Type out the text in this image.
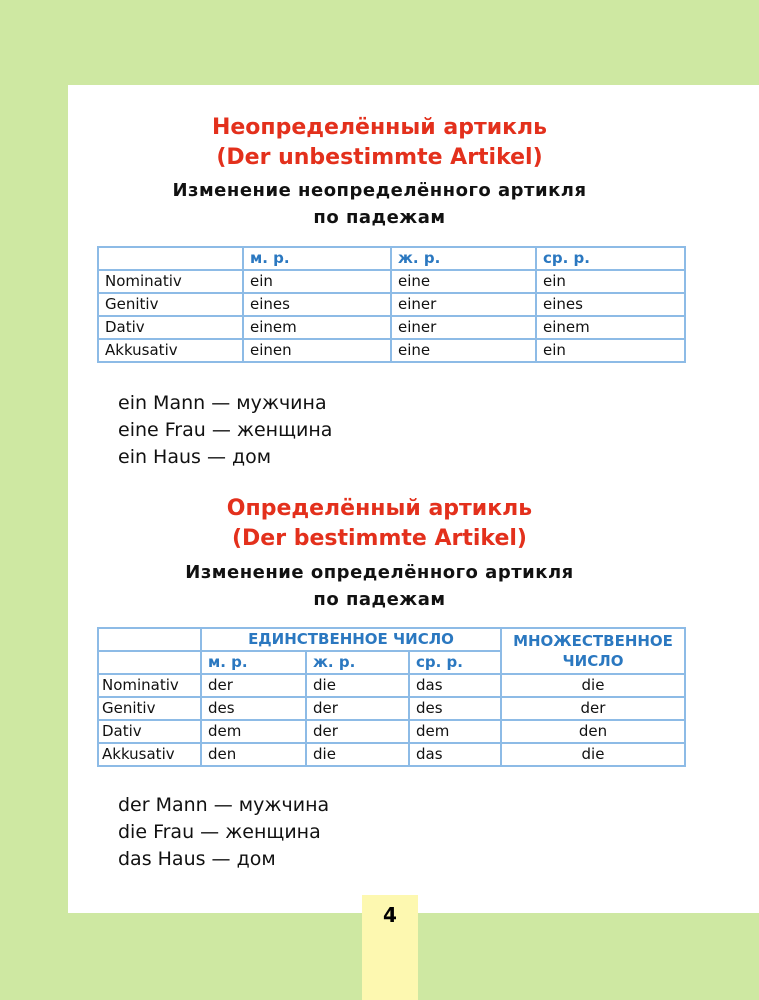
Неопределённый артикль
(Der unbestimmte Artikel)
Изменение неопределённого артикля
по падежам
	м. р.	ж. р.	ср. р.
Nominativ	ein	eine	ein
Genitiv	eines	einer	eines
Dativ	einem	einer	einem
Akkusativ	einen	eine	ein
ein Mann — мужчина
eine Frau — женщина
ein Haus — дом
Определённый артикль
(Der bestimmte Artikel)
Изменение определённого артикля
по падежам
	ЕДИНСТВЕННОЕ ЧИСЛО			МНОЖЕСТВЕННОЕ ЧИСЛО
	м. р.	ж. р.	ср. р.	
Nominativ	der	die	das	die
Genitiv	des	der	des	der
Dativ	dem	der	dem	den
Akkusativ	den	die	das	die
der Mann — мужчина
die Frau — женщина
das Haus — дом
4
